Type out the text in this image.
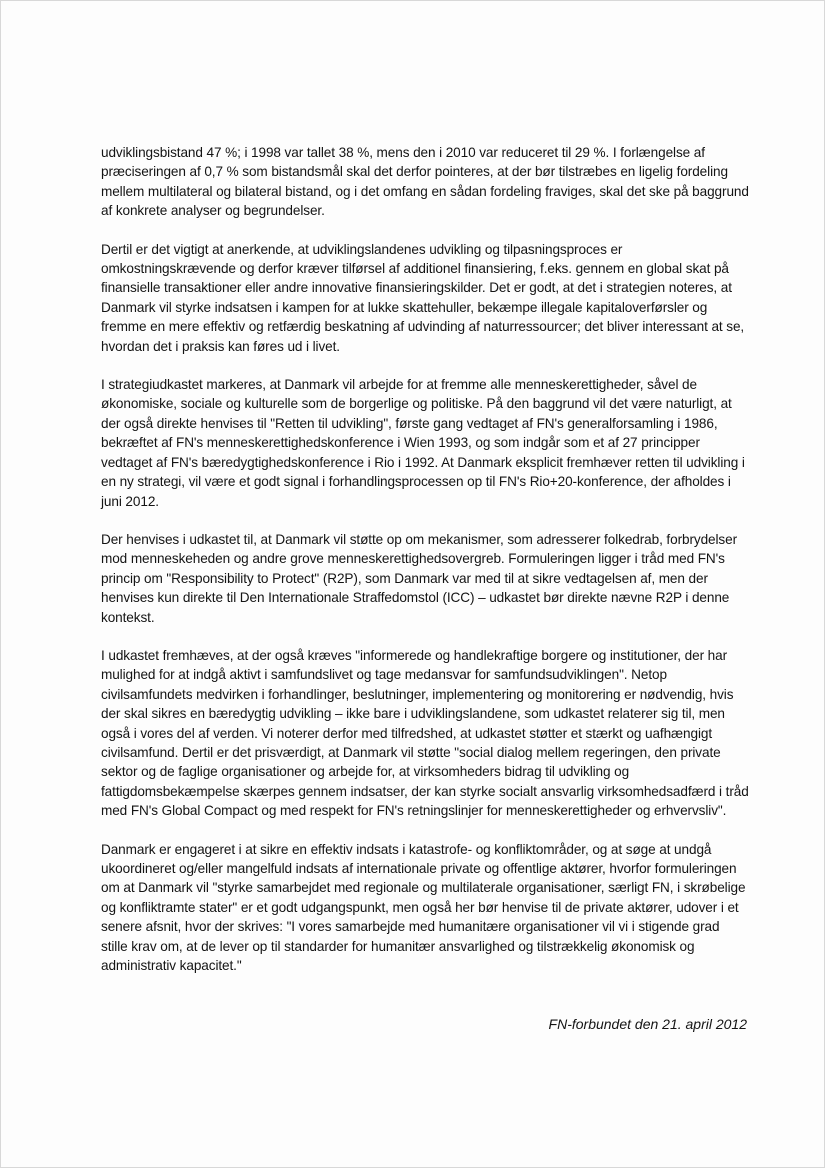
udviklingsbistand 47 %; i 1998 var tallet 38 %, mens den i 2010 var reduceret til 29 %. I forlængelse af præciseringen af 0,7 % som bistandsmål skal det derfor pointeres, at der bør tilstræbes en ligelig fordeling mellem multilateral og bilateral bistand, og i det omfang en sådan fordeling fraviges, skal det ske på baggrund af konkrete analyser og begrundelser.

Dertil er det vigtigt at anerkende, at udviklingslandenes udvikling og tilpasningsproces er omkostningskrævende og derfor kræver tilførsel af additionel finansiering, f.eks. gennem en global skat på finansielle transaktioner eller andre innovative finansieringskilder. Det er godt, at det i strategien noteres, at Danmark vil styrke indsatsen i kampen for at lukke skattehuller, bekæmpe illegale kapitaloverførsler og fremme en mere effektiv og retfærdig beskatning af udvinding af naturressourcer; det bliver interessant at se, hvordan det i praksis kan føres ud i livet.

I strategiudkastet markeres, at Danmark vil arbejde for at fremme alle menneskerettigheder, såvel de økonomiske, sociale og kulturelle som de borgerlige og politiske. På den baggrund vil det være naturligt, at der også direkte henvises til "Retten til udvikling", første gang vedtaget af FN's generalforsamling i 1986, bekræftet af FN's menneskerettighedskonference i Wien 1993, og som indgår som et af 27 principper vedtaget af FN's bæredygtighedskonference i Rio i 1992. At Danmark eksplicit fremhæver retten til udvikling i en ny strategi, vil være et godt signal i forhandlingsprocessen op til FN's Rio+20-konference, der afholdes i juni 2012.

Der henvises i udkastet til, at Danmark vil støtte op om mekanismer, som adresserer folkedrab, forbrydelser mod menneskeheden og andre grove menneskerettighedsovergreb. Formuleringen ligger i tråd med FN's princip om "Responsibility to Protect" (R2P), som Danmark var med til at sikre vedtagelsen af, men der henvises kun direkte til Den Internationale Straffedomstol (ICC) – udkastet bør direkte nævne R2P i denne kontekst.

I udkastet fremhæves, at der også kræves "informerede og handlekraftige borgere og institutioner, der har mulighed for at indgå aktivt i samfundslivet og tage medansvar for samfundsudviklingen". Netop civilsamfundets medvirken i forhandlinger, beslutninger, implementering og monitorering er nødvendig, hvis der skal sikres en bæredygtig udvikling – ikke bare i udviklingslandene, som udkastet relaterer sig til, men også i vores del af verden. Vi noterer derfor med tilfredshed, at udkastet støtter et stærkt og uafhængigt civilsamfund. Dertil er det prisværdigt, at Danmark vil støtte "social dialog mellem regeringen, den private sektor og de faglige organisationer og arbejde for, at virksomheders bidrag til udvikling og fattigdomsbekæmpelse skærpes gennem indsatser, der kan styrke socialt ansvarlig virksomhedsadfærd i tråd med FN's Global Compact og med respekt for FN's retningslinjer for menneskerettigheder og erhvervsliv".

Danmark er engageret i at sikre en effektiv indsats i katastrofe- og konfliktområder, og at søge at undgå ukoordineret og/eller mangelfuld indsats af internationale private og offentlige aktører, hvorfor formuleringen om at Danmark vil "styrke samarbejdet med regionale og multilaterale organisationer, særligt FN, i skrøbelige og konfliktramte stater" er et godt udgangspunkt, men også her bør henvise til de private aktører, udover i et senere afsnit, hvor der skrives: "I vores samarbejde med humanitære organisationer vil vi i stigende grad stille krav om, at de lever op til standarder for humanitær ansvarlighed og tilstrækkelig økonomisk og administrativ kapacitet."

FN-forbundet den 21. april 2012
